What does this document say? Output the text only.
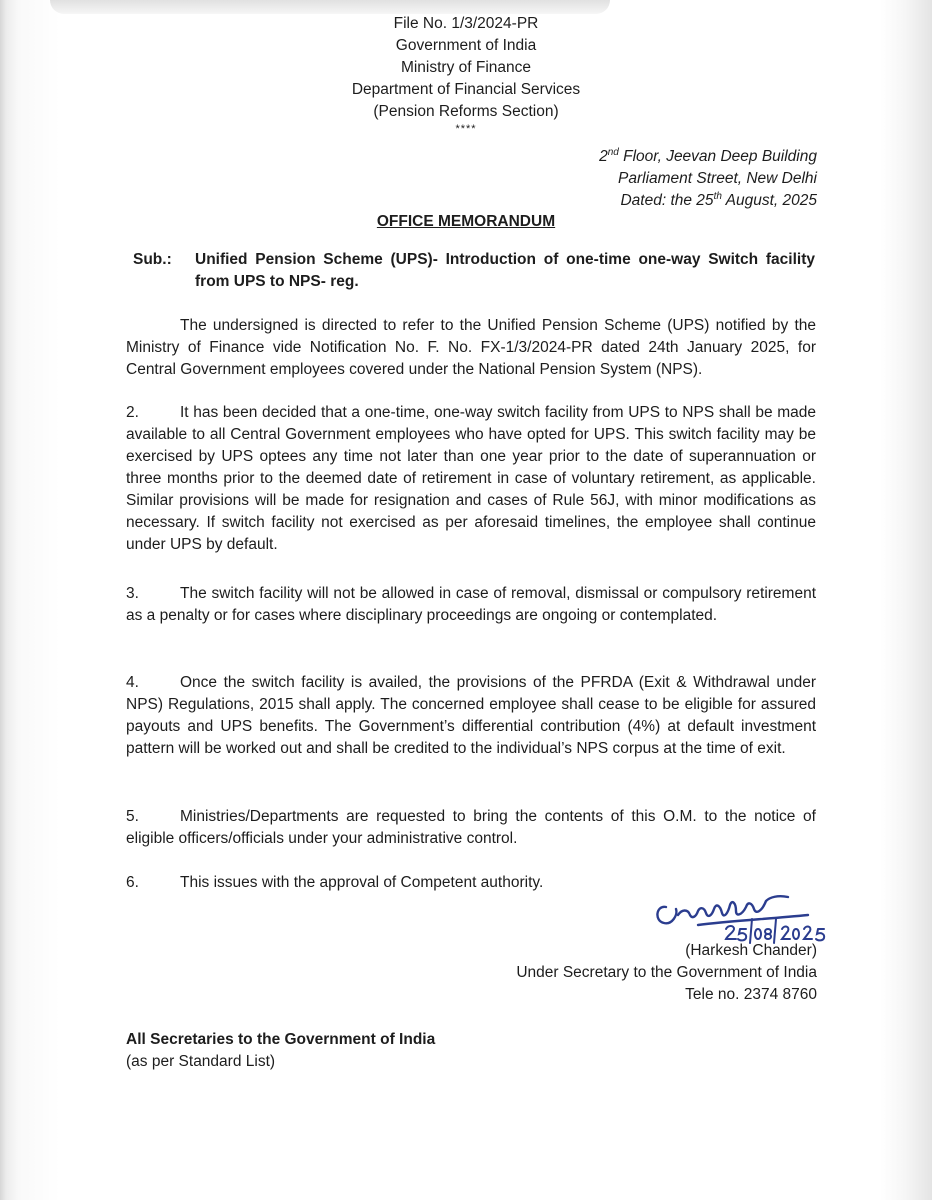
File No. 1/3/2024-PR
Government of India
Ministry of Finance
Department of Financial Services
(Pension Reforms Section)
****
2nd Floor, Jeevan Deep Building
Parliament Street, New Delhi
Dated: the 25th August, 2025
OFFICE MEMORANDUM
Sub.: Unified Pension Scheme (UPS)- Introduction of one-time one-way Switch facility from UPS to NPS- reg.
The undersigned is directed to refer to the Unified Pension Scheme (UPS) notified by the Ministry of Finance vide Notification No. F. No. FX-1/3/2024-PR dated 24th January 2025, for Central Government employees covered under the National Pension System (NPS).
2.	It has been decided that a one-time, one-way switch facility from UPS to NPS shall be made available to all Central Government employees who have opted for UPS. This switch facility may be exercised by UPS optees any time not later than one year prior to the date of superannuation or three months prior to the deemed date of retirement in case of voluntary retirement, as applicable. Similar provisions will be made for resignation and cases of Rule 56J, with minor modifications as necessary. If switch facility not exercised as per aforesaid timelines, the employee shall continue under UPS by default.
3.	The switch facility will not be allowed in case of removal, dismissal or compulsory retirement as a penalty or for cases where disciplinary proceedings are ongoing or contemplated.
4.	Once the switch facility is availed, the provisions of the PFRDA (Exit & Withdrawal under NPS) Regulations, 2015 shall apply. The concerned employee shall cease to be eligible for assured payouts and UPS benefits. The Government’s differential contribution (4%) at default investment pattern will be worked out and shall be credited to the individual’s NPS corpus at the time of exit.
5.	Ministries/Departments are requested to bring the contents of this O.M. to the notice of eligible officers/officials under your administrative control.
6.	This issues with the approval of Competent authority.
(Harkesh Chander)
Under Secretary to the Government of India
Tele no. 2374 8760
All Secretaries to the Government of India
(as per Standard List)
